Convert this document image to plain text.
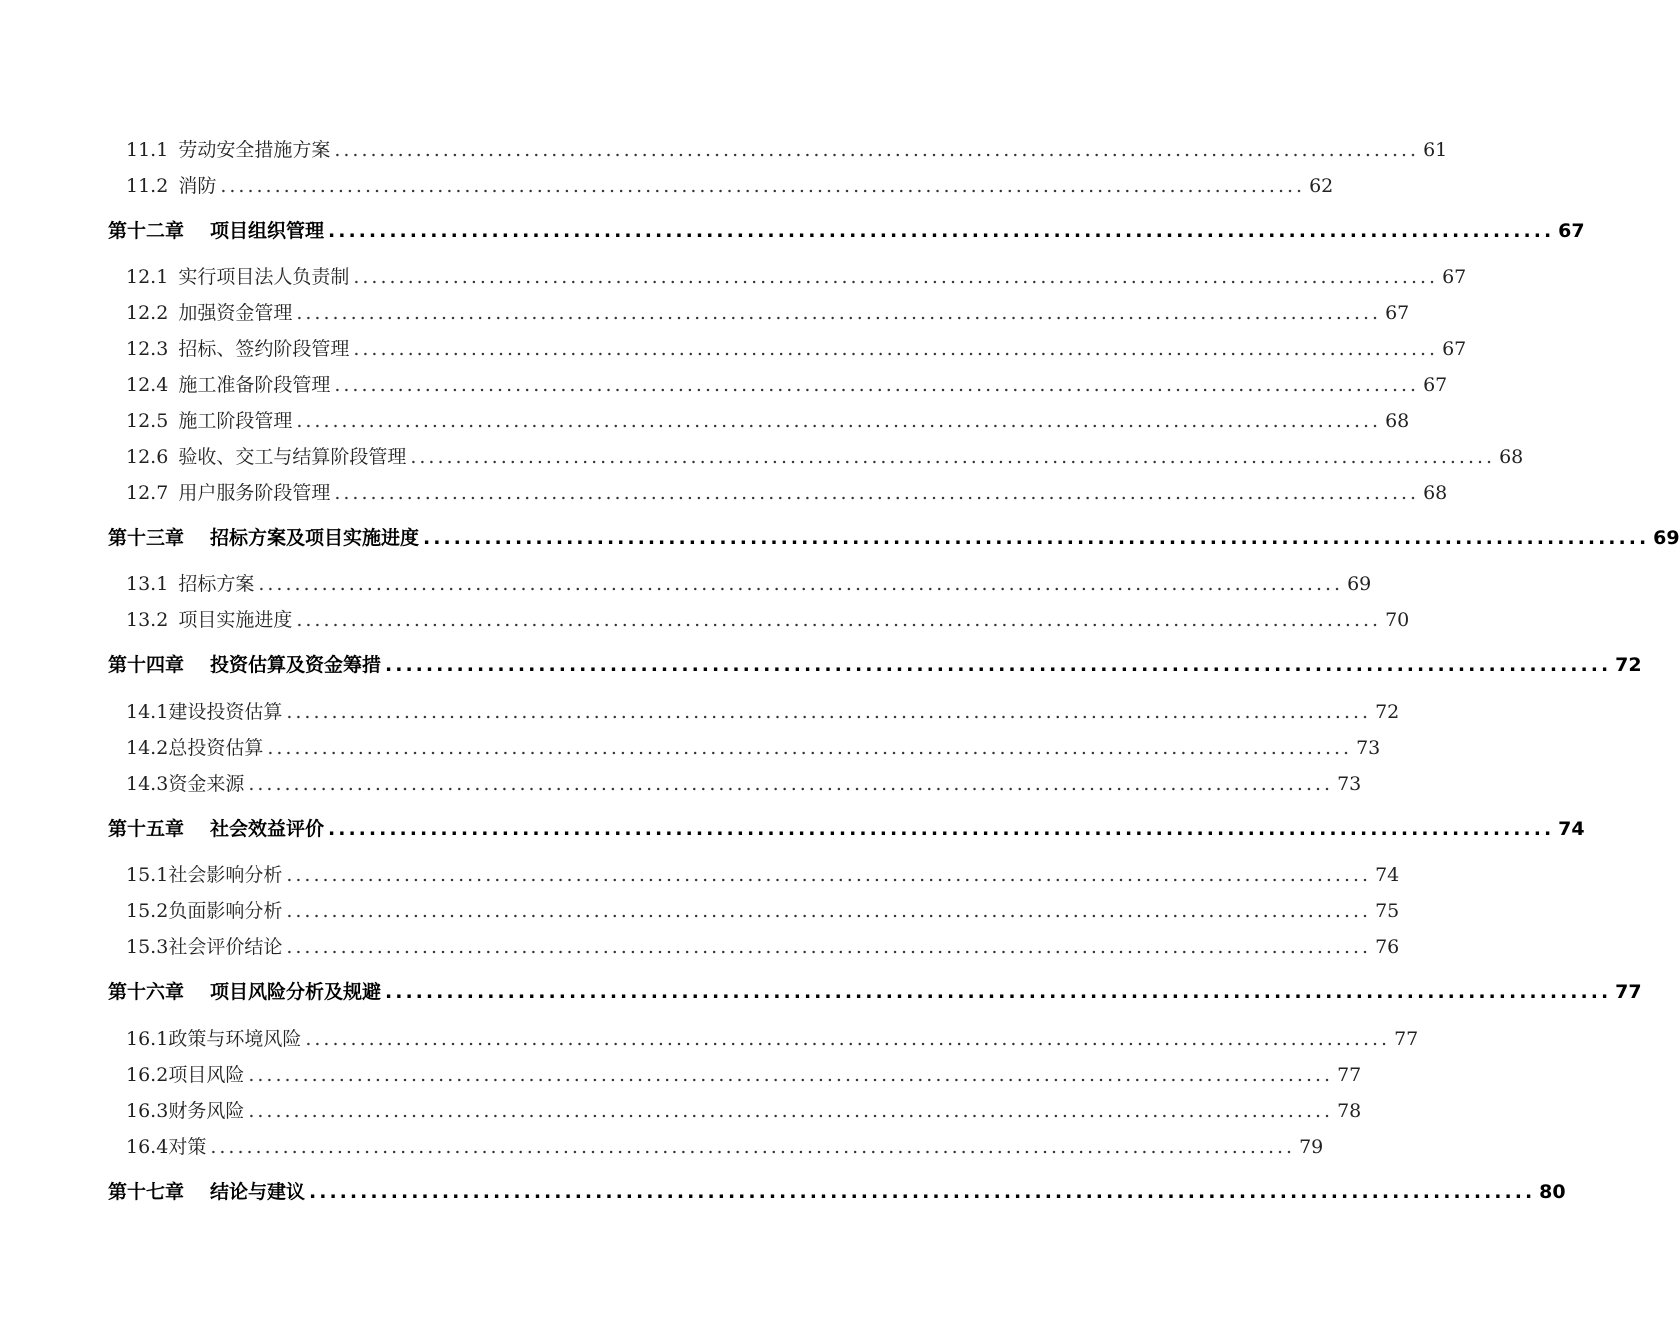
11.1 劳动安全措施方案 ........................................................................................................................ 61
11.2 消防 ........................................................................................................................ 62
第十二章 项目组织管理 ........................................................................................................................ 67
12.1 实行项目法人负责制 ........................................................................................................................ 67
12.2 加强资金管理 ........................................................................................................................ 67
12.3 招标、签约阶段管理 ........................................................................................................................ 67
12.4 施工准备阶段管理 ........................................................................................................................ 67
12.5 施工阶段管理 ........................................................................................................................ 68
12.6 验收、交工与结算阶段管理 ........................................................................................................................ 68
12.7 用户服务阶段管理 ........................................................................................................................ 68
第十三章 招标方案及项目实施进度 ........................................................................................................................ 69
13.1 招标方案 ........................................................................................................................ 69
13.2 项目实施进度 ........................................................................................................................ 70
第十四章 投资估算及资金筹措 ........................................................................................................................ 72
14.1建设投资估算 ........................................................................................................................ 72
14.2总投资估算 ........................................................................................................................ 73
14.3资金来源 ........................................................................................................................ 73
第十五章 社会效益评价 ........................................................................................................................ 74
15.1社会影响分析 ........................................................................................................................ 74
15.2负面影响分析 ........................................................................................................................ 75
15.3社会评价结论 ........................................................................................................................ 76
第十六章 项目风险分析及规避 ........................................................................................................................ 77
16.1政策与环境风险 ........................................................................................................................ 77
16.2项目风险 ........................................................................................................................ 77
16.3财务风险 ........................................................................................................................ 78
16.4对策 ........................................................................................................................ 79
第十七章 结论与建议 ........................................................................................................................ 80
